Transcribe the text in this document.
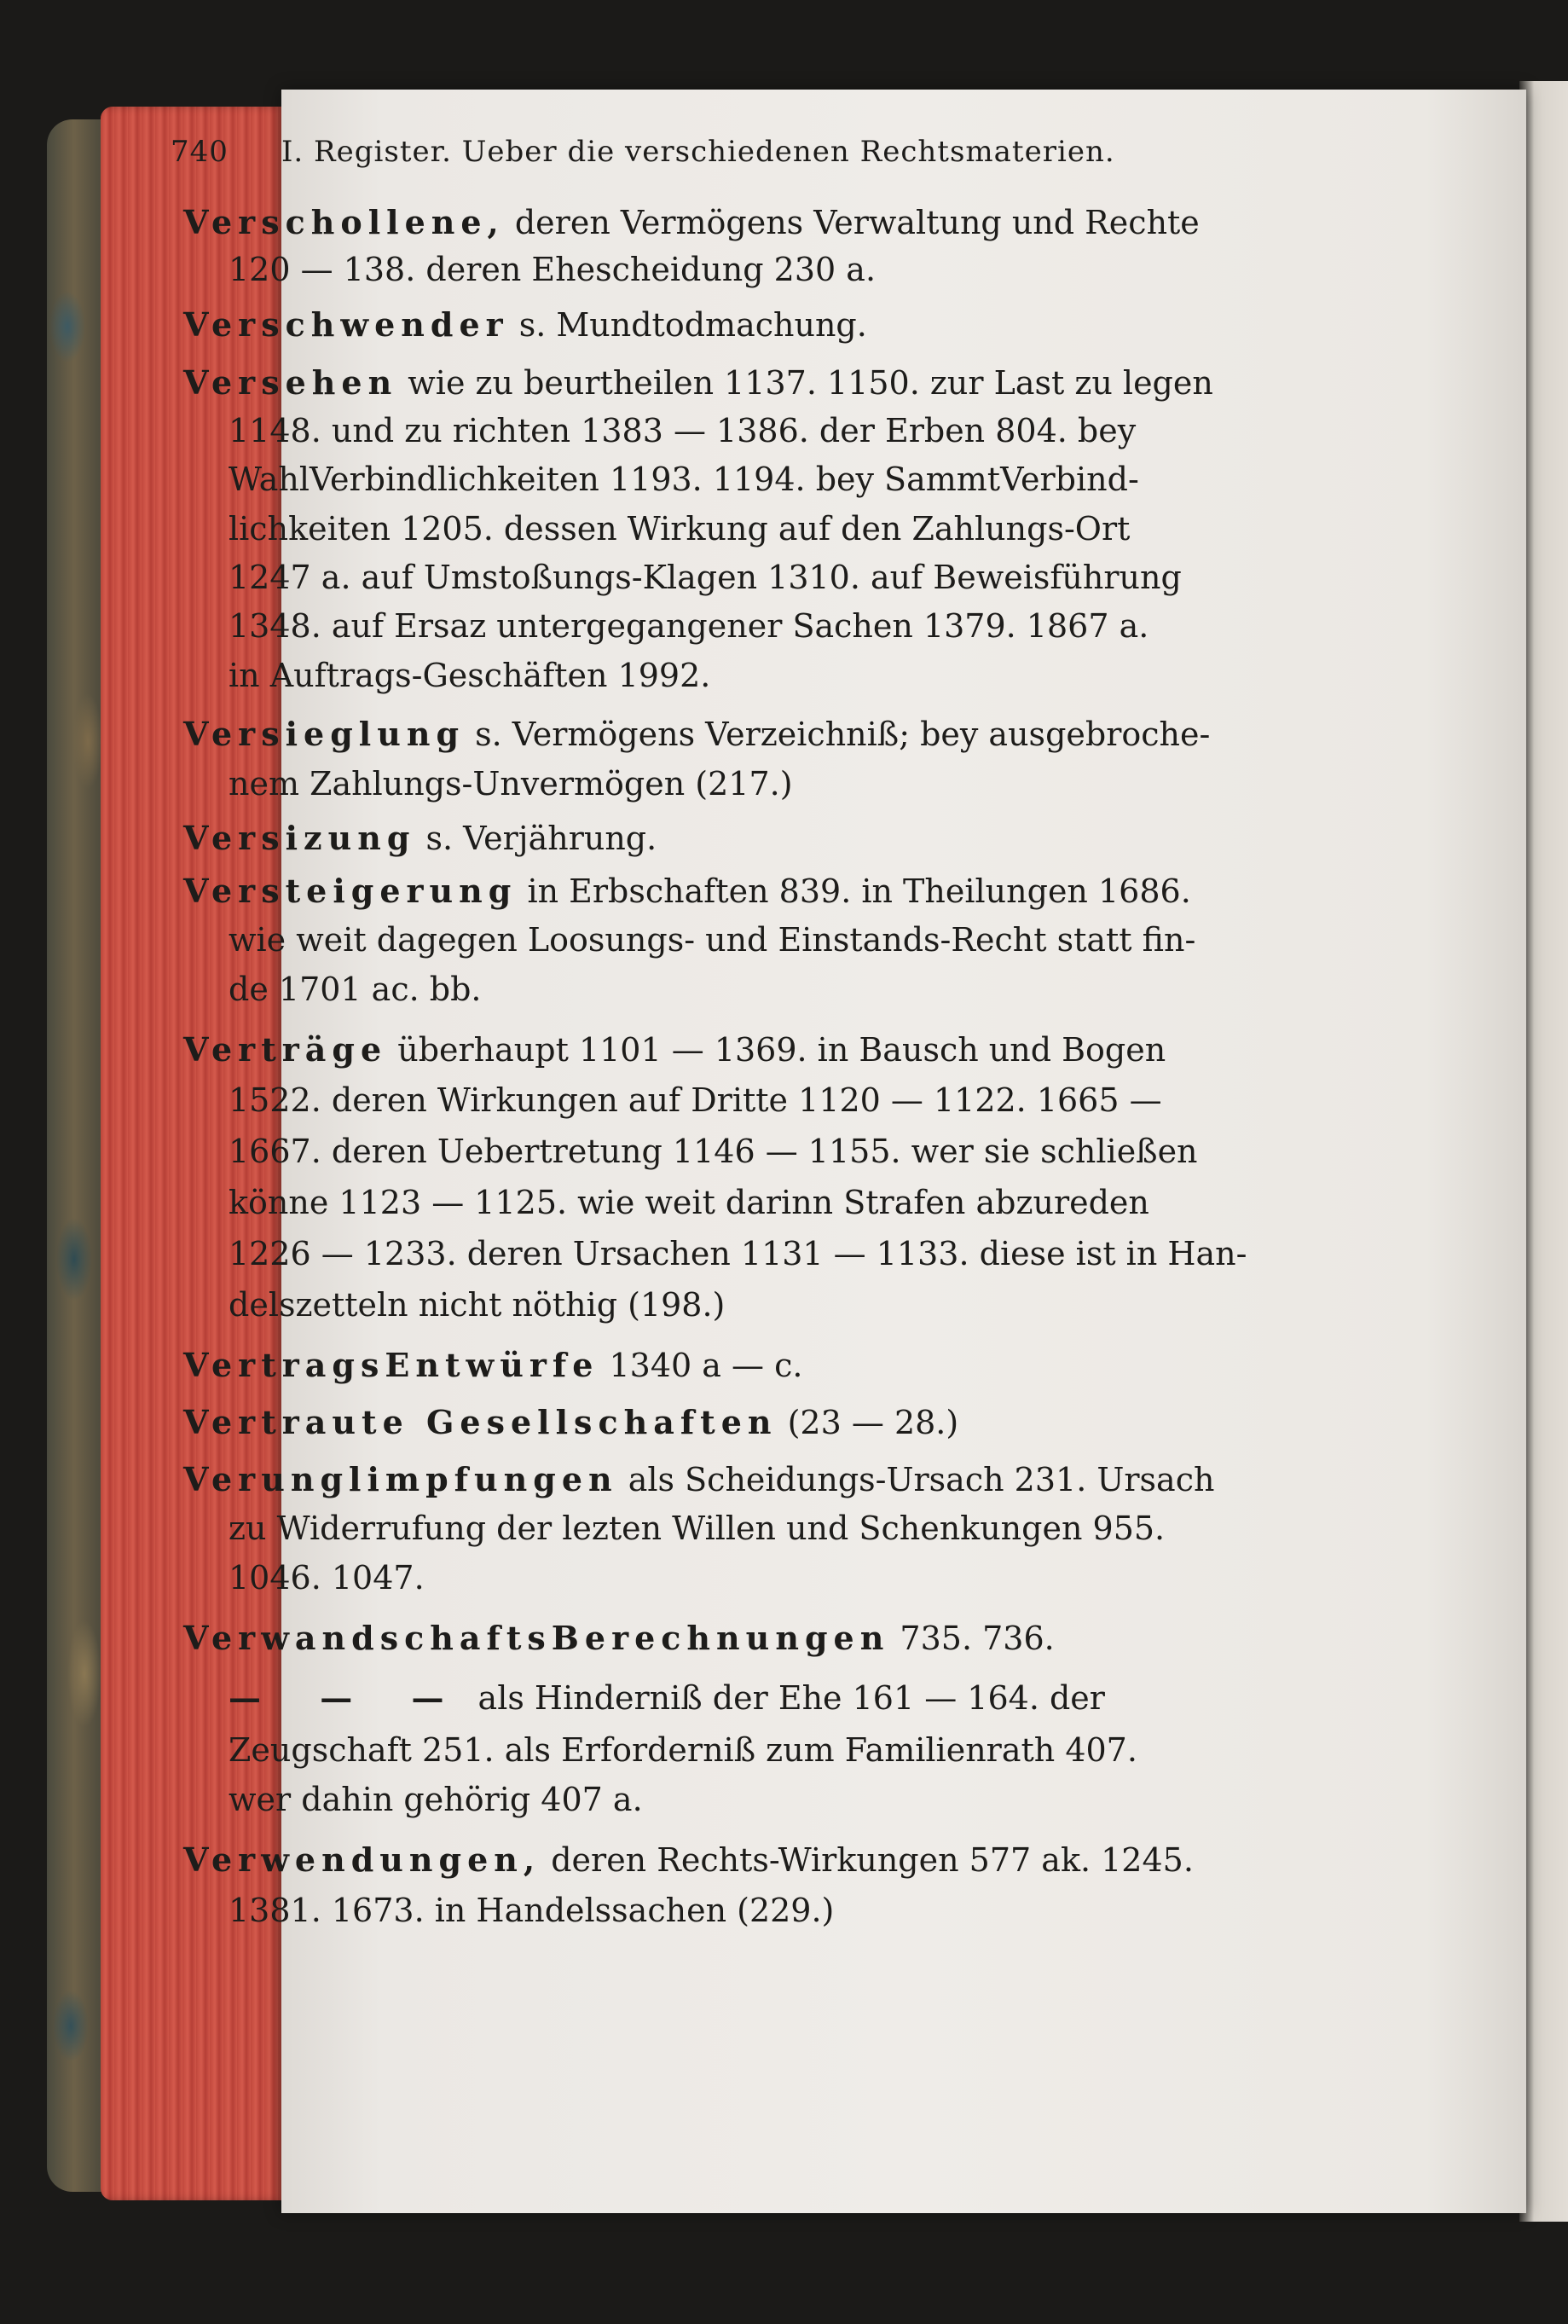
740 I. Register. Ueber die verschiedenen Rechtsmaterien.
Verschollene, deren Vermögens Verwaltung und Rechte
120 — 138. deren Ehescheidung 230 a.
Verschwender s. Mundtodmachung.
Versehen wie zu beurtheilen 1137. 1150. zur Last zu legen
1148. und zu richten 1383 — 1386. der Erben 804. bey
WahlVerbindlichkeiten 1193. 1194. bey SammtVerbind-
lichkeiten 1205. dessen Wirkung auf den Zahlungs-Ort
1247 a. auf Umstoßungs-Klagen 1310. auf Beweisführung
1348. auf Ersaz untergegangener Sachen 1379. 1867 a.
in Auftrags-Geschäften 1992.
Versieglung s. Vermögens Verzeichniß; bey ausgebroche-
nem Zahlungs-Unvermögen (217.)
Versizung s. Verjährung.
Versteigerung in Erbschaften 839. in Theilungen 1686.
wie weit dagegen Loosungs- und Einstands-Recht statt fin-
de 1701 ac. bb.
Verträge überhaupt 1101 — 1369. in Bausch und Bogen
1522. deren Wirkungen auf Dritte 1120 — 1122. 1665 —
1667. deren Uebertretung 1146 — 1155. wer sie schließen
könne 1123 — 1125. wie weit darinn Strafen abzureden
1226 — 1233. deren Ursachen 1131 — 1133. diese ist in Han-
delszetteln nicht nöthig (198.)
VertragsEntwürfe 1340 a — c.
Vertraute Gesellschaften (23 — 28.)
Verunglimpfungen als Scheidungs-Ursach 231. Ursach
zu Widerrufung der lezten Willen und Schenkungen 955.
1046. 1047.
VerwandschaftsBerechnungen 735. 736.
— — — als Hinderniß der Ehe 161 — 164. der
Zeugschaft 251. als Erforderniß zum Familienrath 407.
wer dahin gehörig 407 a.
Verwendungen, deren Rechts-Wirkungen 577 ak. 1245.
1381. 1673. in Handelssachen (229.)
